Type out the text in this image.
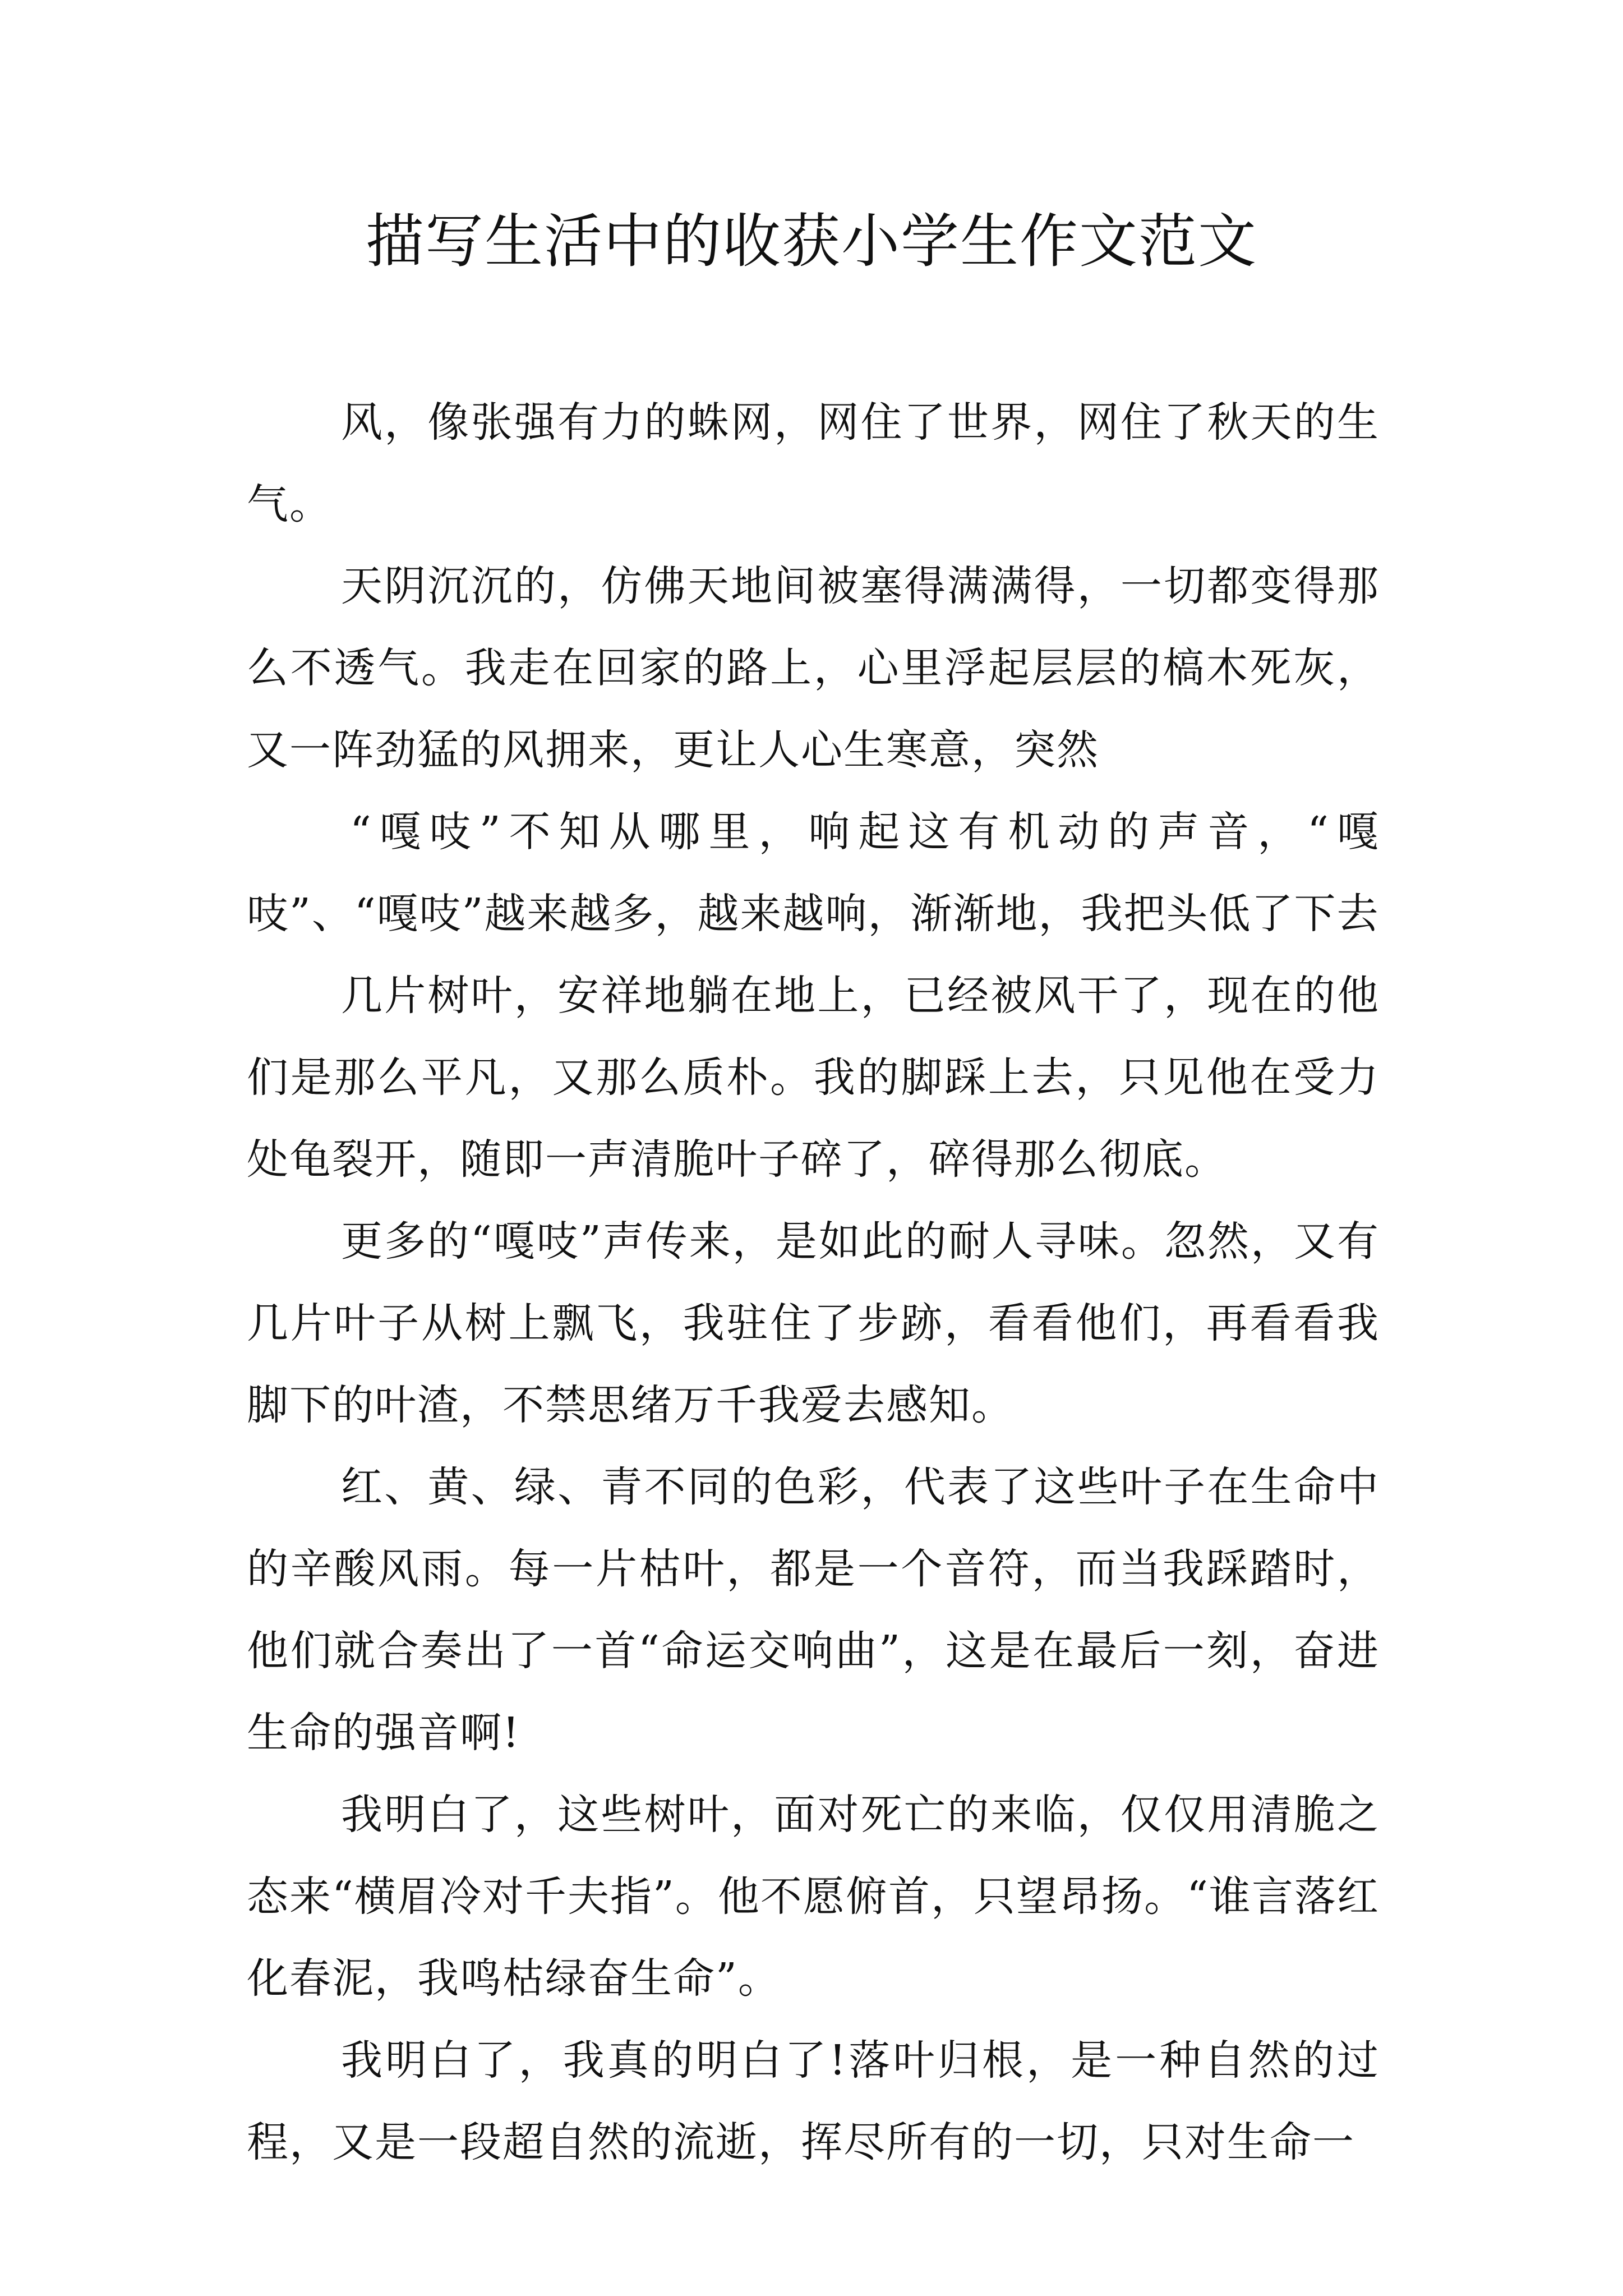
描写生活中的收获小学生作文范文

风，像张强有力的蛛网，网住了世界，网住了秋天的生气。

天阴沉沉的，仿佛天地间被塞得满满得，一切都变得那么不透气。我走在回家的路上，心里浮起层层的槁木死灰，又一阵劲猛的风拥来，更让人心生寒意，突然

“嘎吱”不知从哪里，响起这有机动的声音，“嘎吱”、“嘎吱”越来越多，越来越响，渐渐地，我把头低了下去

几片树叶，安祥地躺在地上，已经被风干了，现在的他们是那么平凡，又那么质朴。我的脚踩上去，只见他在受力处龟裂开，随即一声清脆叶子碎了，碎得那么彻底。

更多的“嘎吱”声传来，是如此的耐人寻味。忽然，又有几片叶子从树上飘飞，我驻住了步跡，看看他们，再看看我脚下的叶渣，不禁思绪万千我爱去感知。

红、黄、绿、青不同的色彩，代表了这些叶子在生命中的辛酸风雨。每一片枯叶，都是一个音符，而当我踩踏时，他们就合奏出了一首“命运交响曲”，这是在最后一刻，奋进生命的强音啊!

我明白了，这些树叶，面对死亡的来临，仅仅用清脆之态来“横眉冷对千夫指”。他不愿俯首，只望昂扬。“谁言落红化春泥，我鸣枯绿奋生命”。

我明白了，我真的明白了!落叶归根，是一种自然的过程，又是一段超自然的流逝，挥尽所有的一切，只对生命一
